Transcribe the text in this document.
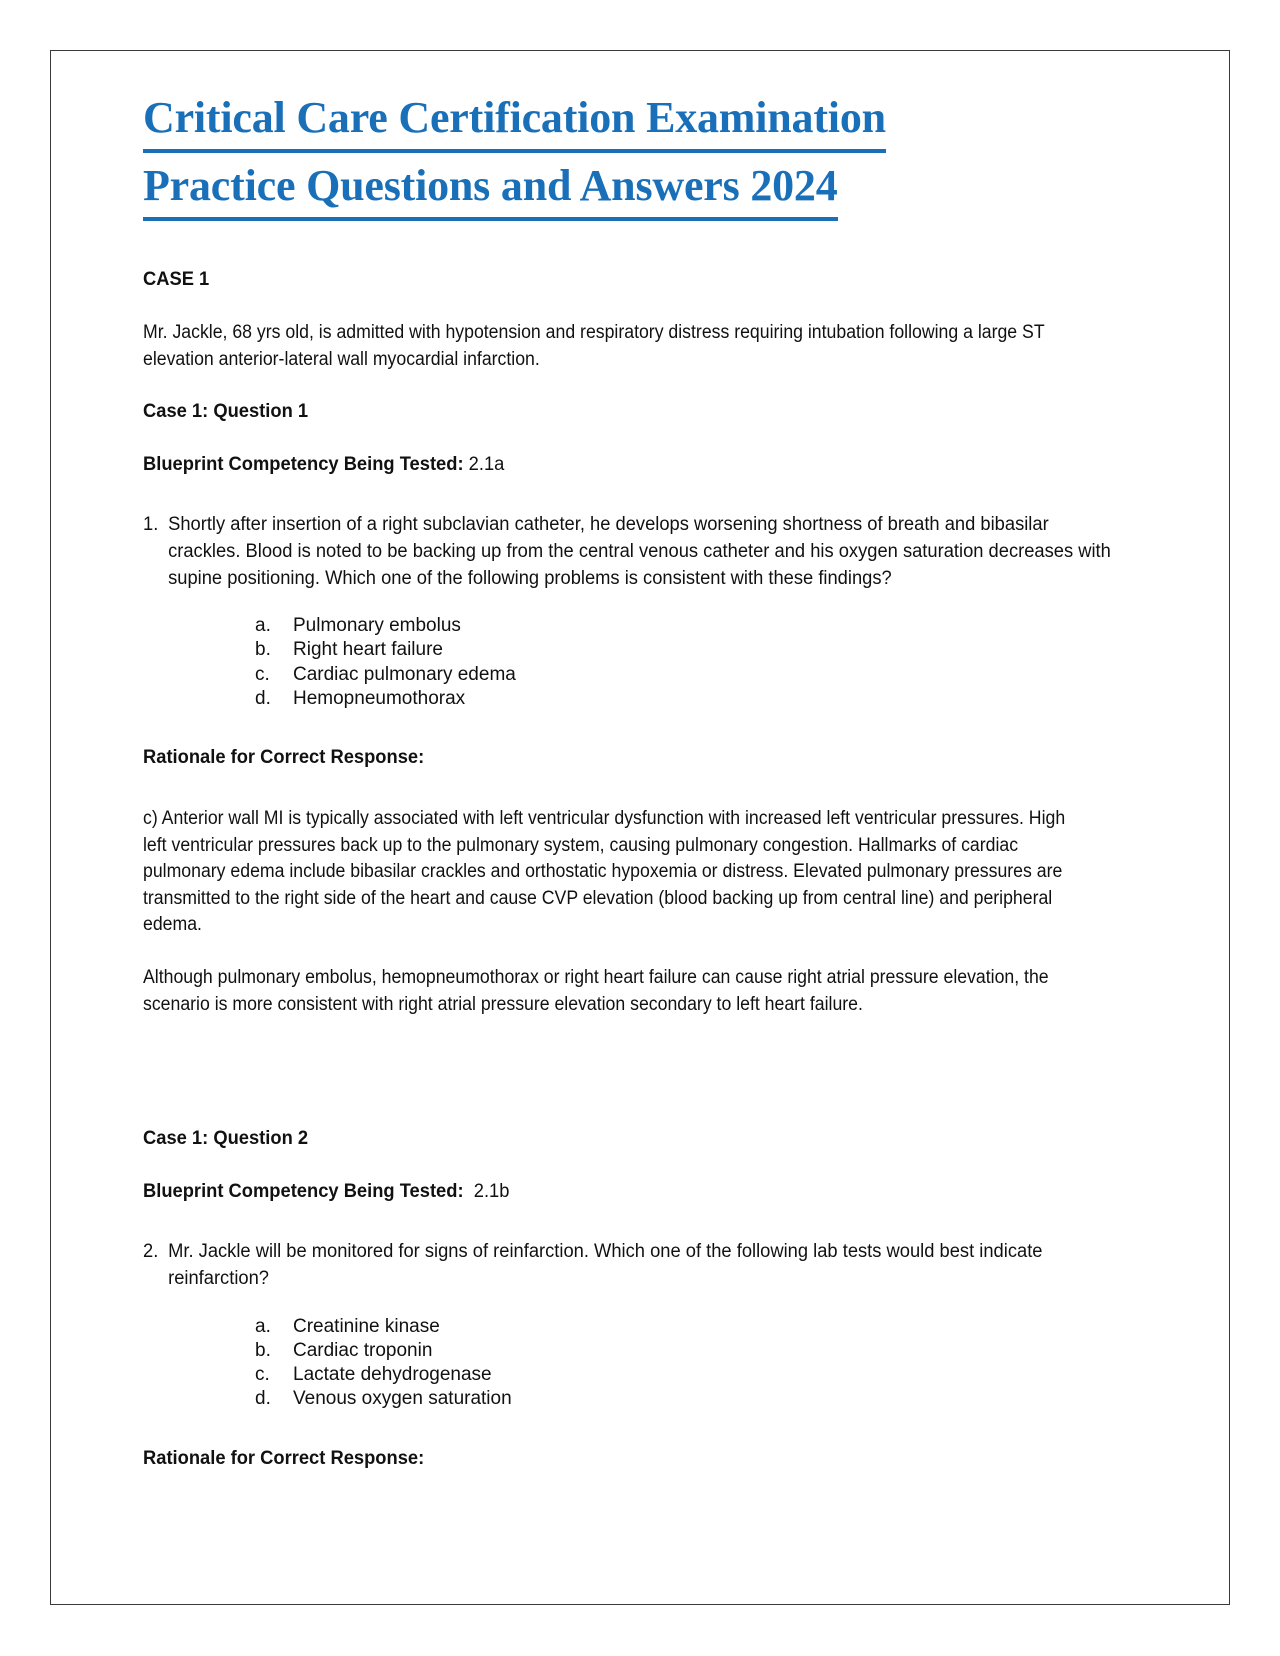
Critical Care Certification Examination
Practice Questions and Answers 2024

CASE 1

Mr. Jackle, 68 yrs old, is admitted with hypotension and respiratory distress requiring intubation following a large ST elevation anterior-lateral wall myocardial infarction.

Case 1: Question 1

Blueprint Competency Being Tested: 2.1a

1. Shortly after insertion of a right subclavian catheter, he develops worsening shortness of breath and bibasilar crackles. Blood is noted to be backing up from the central venous catheter and his oxygen saturation decreases with supine positioning. Which one of the following problems is consistent with these findings?
a.	Pulmonary embolus
b.	Right heart failure
c.	Cardiac pulmonary edema
d.	Hemopneumothorax

Rationale for Correct Response:

c) Anterior wall MI is typically associated with left ventricular dysfunction with increased left ventricular pressures. High left ventricular pressures back up to the pulmonary system, causing pulmonary congestion. Hallmarks of cardiac pulmonary edema include bibasilar crackles and orthostatic hypoxemia or distress. Elevated pulmonary pressures are transmitted to the right side of the heart and cause CVP elevation (blood backing up from central line) and peripheral edema.

Although pulmonary embolus, hemopneumothorax or right heart failure can cause right atrial pressure elevation, the scenario is more consistent with right atrial pressure elevation secondary to left heart failure.

Case 1: Question 2

Blueprint Competency Being Tested: 2.1b

2. Mr. Jackle will be monitored for signs of reinfarction. Which one of the following lab tests would best indicate reinfarction?
a.	Creatinine kinase
b.	Cardiac troponin
c.	Lactate dehydrogenase
d.	Venous oxygen saturation

Rationale for Correct Response:
